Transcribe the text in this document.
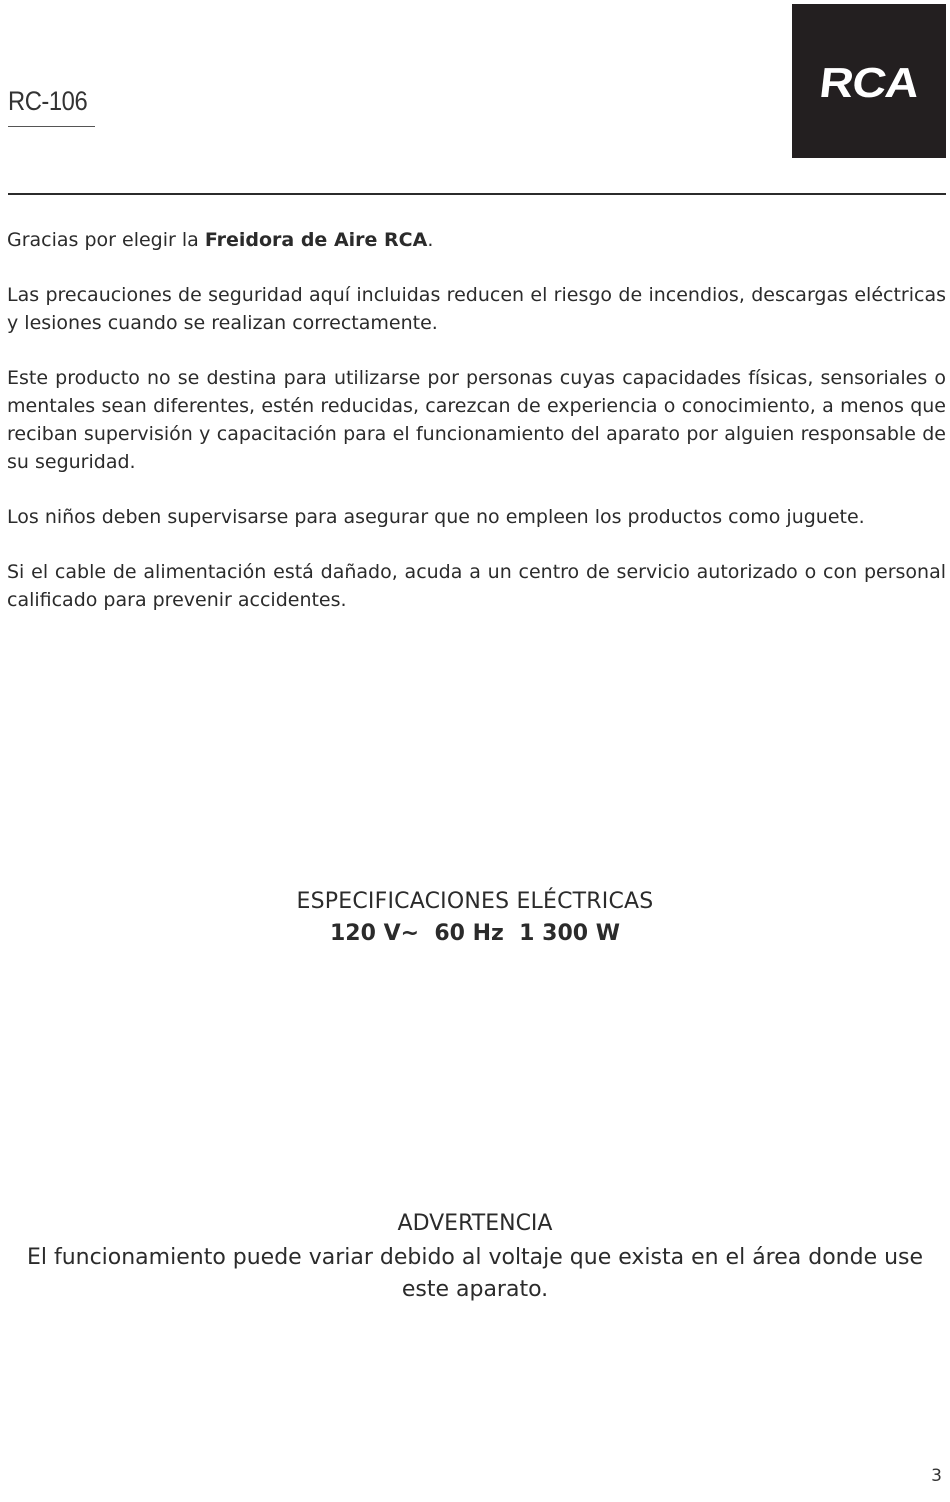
RC-106	RCA

Gracias por elegir la Freidora de Aire RCA.

Las precauciones de seguridad aquí incluidas reducen el riesgo de incendios, descargas eléctricas y lesiones cuando se realizan correctamente.

Este producto no se destina para utilizarse por personas cuyas capacidades físicas, sensoriales o mentales sean diferentes, estén reducidas, carezcan de experiencia o conocimiento, a menos que reciban supervisión y capacitación para el funcionamiento del aparato por alguien responsable de su seguridad.

Los niños deben supervisarse para asegurar que no empleen los productos como juguete.

Si el cable de alimentación está dañado, acuda a un centro de servicio autorizado o con personal calificado para prevenir accidentes.

ESPECIFICACIONES ELÉCTRICAS
120 V~  60 Hz  1 300 W
ADVERTENCIA
El funcionamiento puede variar debido al voltaje que exista en el área donde use este aparato.
3
